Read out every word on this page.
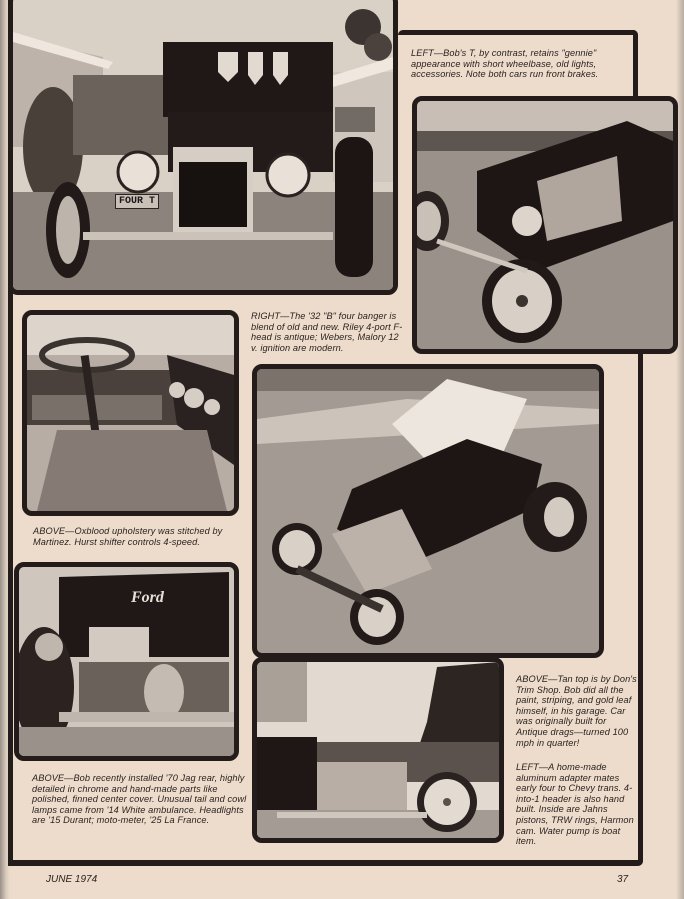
FOUR T
LEFT—Bob's T, by contrast, retains "gennie" appearance with short wheelbase, old lights, accessories. Note both cars run front brakes.
RIGHT—The '32 "B" four banger is blend of old and new. Riley 4-port F-head is antique; Webers, Malory 12 v. ignition are modern.
ABOVE—Oxblood upholstery was stitched by Martinez. Hurst shifter controls 4-speed.
Ford
ABOVE—Bob recently installed '70 Jag rear, highly detailed in chrome and hand-made parts like polished, finned center cover. Unusual tail and cowl lamps came from '14 White ambulance. Headlights are '15 Durant; moto-meter, '25 La France.
ABOVE—Tan top is by Don's Trim Shop. Bob did all the paint, striping, and gold leaf himself, in his garage. Car was originally built for Antique drags—turned 100 mph in quarter!
LEFT—A home-made aluminum adapter mates early four to Chevy trans. 4-into-1 header is also hand built. Inside are Jahns pistons, TRW rings, Harmon cam. Water pump is boat item.
JUNE 1974	37
